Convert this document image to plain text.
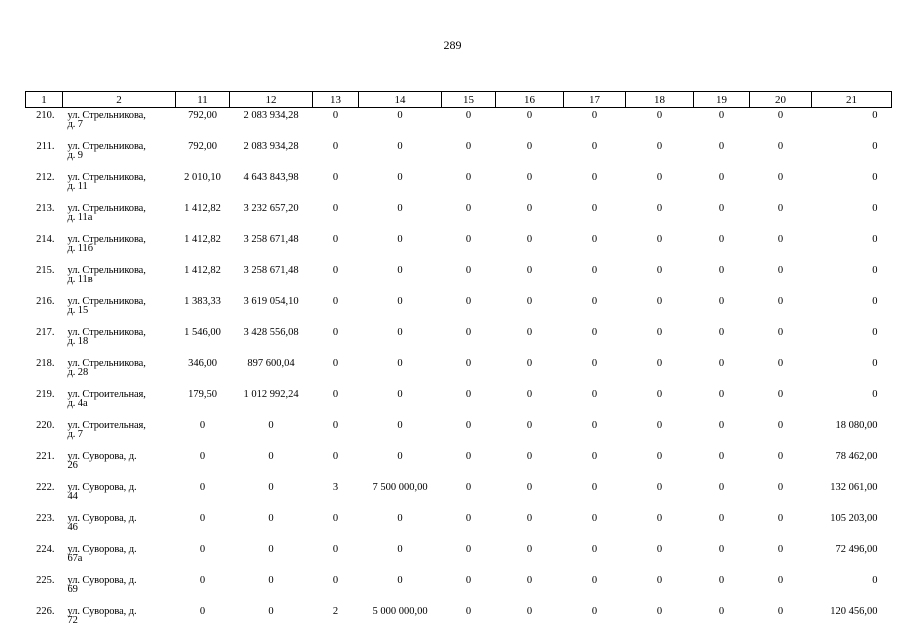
289
1	2	11	12	13	14	15	16	17	18	19	20	21
210.	ул. Стрельникова,
д. 7	792,00	2 083 934,28	0	0	0	0	0	0	0	0	0
211.	ул. Стрельникова,
д. 9	792,00	2 083 934,28	0	0	0	0	0	0	0	0	0
212.	ул. Стрельникова,
д. 11	2 010,10	4 643 843,98	0	0	0	0	0	0	0	0	0
213.	ул. Стрельникова,
д. 11а	1 412,82	3 232 657,20	0	0	0	0	0	0	0	0	0
214.	ул. Стрельникова,
д. 11б	1 412,82	3 258 671,48	0	0	0	0	0	0	0	0	0
215.	ул. Стрельникова,
д. 11в	1 412,82	3 258 671,48	0	0	0	0	0	0	0	0	0
216.	ул. Стрельникова,
д. 15	1 383,33	3 619 054,10	0	0	0	0	0	0	0	0	0
217.	ул. Стрельникова,
д. 18	1 546,00	3 428 556,08	0	0	0	0	0	0	0	0	0
218.	ул. Стрельникова,
д. 28	346,00	897 600,04	0	0	0	0	0	0	0	0	0
219.	ул. Строительная,
д. 4а	179,50	1 012 992,24	0	0	0	0	0	0	0	0	0
220.	ул. Строительная,
д. 7	0	0	0	0	0	0	0	0	0	0	18 080,00
221.	ул. Суворова, д.
26	0	0	0	0	0	0	0	0	0	0	78 462,00
222.	ул. Суворова, д.
44	0	0	3	7 500 000,00	0	0	0	0	0	0	132 061,00
223.	ул. Суворова, д.
46	0	0	0	0	0	0	0	0	0	0	105 203,00
224.	ул. Суворова, д.
67а	0	0	0	0	0	0	0	0	0	0	72 496,00
225.	ул. Суворова, д.
69	0	0	0	0	0	0	0	0	0	0	0
226.	ул. Суворова, д.
72	0	0	2	5 000 000,00	0	0	0	0	0	0	120 456,00
